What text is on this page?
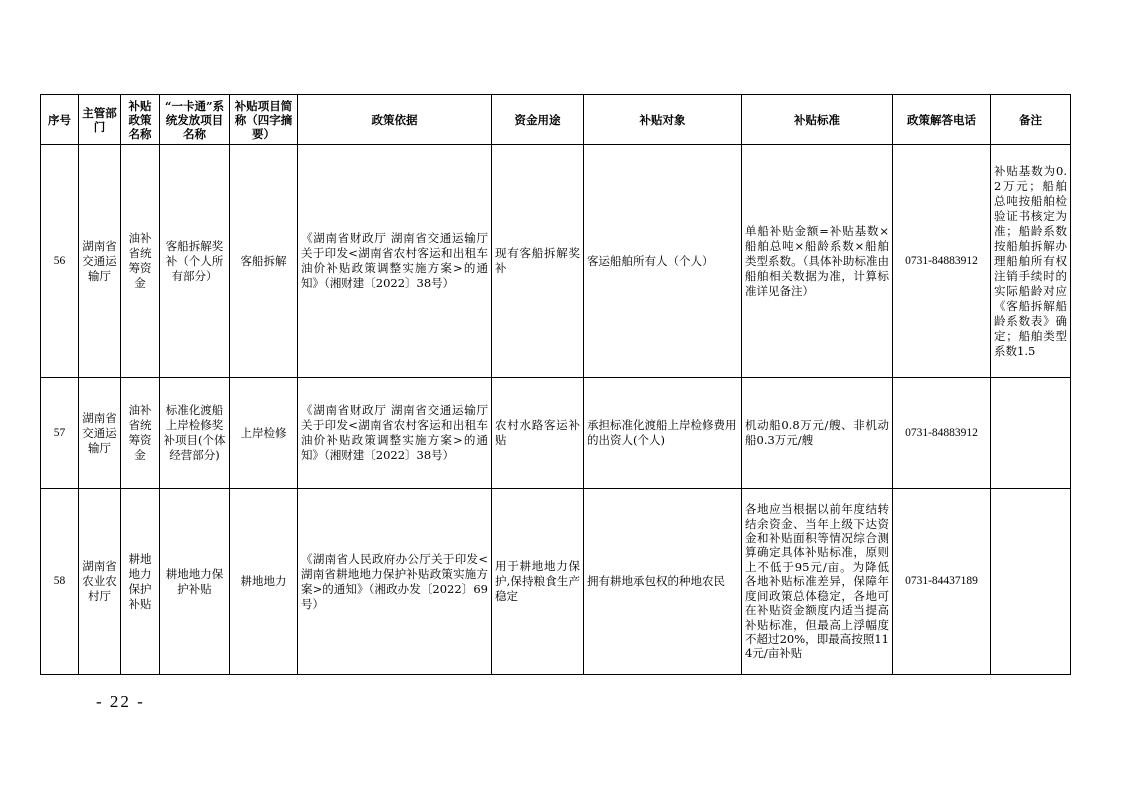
序号	主管部门	补贴政策名称	“一卡通”系统发放项目名称	补贴项目简称（四字摘要）	政策依据	资金用途	补贴对象	补贴标准	政策解答电话	备注
56	湖南省交通运输厅	油补省统筹资金	客船拆解奖补（个人所有部分）	客船拆解	《湖南省财政厅 湖南省交通运输厅关于印发<湖南省农村客运和出租车油价补贴政策调整实施方案>的通知》（湘财建〔2022〕38号）	现有客船拆解奖补	客运船舶所有人（个人）	单船补贴金额=补贴基数×船舶总吨×船龄系数×船舶类型系数。（具体补助标准由船舶相关数据为准，计算标准详见备注）	0731-84883912	补贴基数为0.2万元；船舶总吨按船舶检验证书核定为准；船龄系数按船舶拆解办理船舶所有权注销手续时的实际船龄对应《客船拆解船龄系数表》确定；船舶类型系数1.5
57	湖南省交通运输厅	油补省统筹资金	标准化渡船上岸检修奖补项目(个体经营部分)	上岸检修	《湖南省财政厅 湖南省交通运输厅关于印发<湖南省农村客运和出租车油价补贴政策调整实施方案>的通知》（湘财建〔2022〕38号）	农村水路客运补贴	承担标准化渡船上岸检修费用的出资人(个人)	机动船0.8万元/艘、非机动船0.3万元/艘	0731-84883912	
58	湖南省农业农村厅	耕地地力保护补贴	耕地地力保护补贴	耕地地力	《湖南省人民政府办公厅关于印发<湖南省耕地地力保护补贴政策实施方案>的通知》（湘政办发〔2022〕69号）	用于耕地地力保护,保持粮食生产稳定	拥有耕地承包权的种地农民	各地应当根据以前年度结转结余资金、当年上级下达资金和补贴面积等情况综合测算确定具体补贴标准，原则上不低于95元/亩。为降低各地补贴标准差异，保障年度间政策总体稳定，各地可在补贴资金额度内适当提高补贴标准，但最高上浮幅度不超过20%，即最高按照114元/亩补贴	0731-84437189	
- 22 -
